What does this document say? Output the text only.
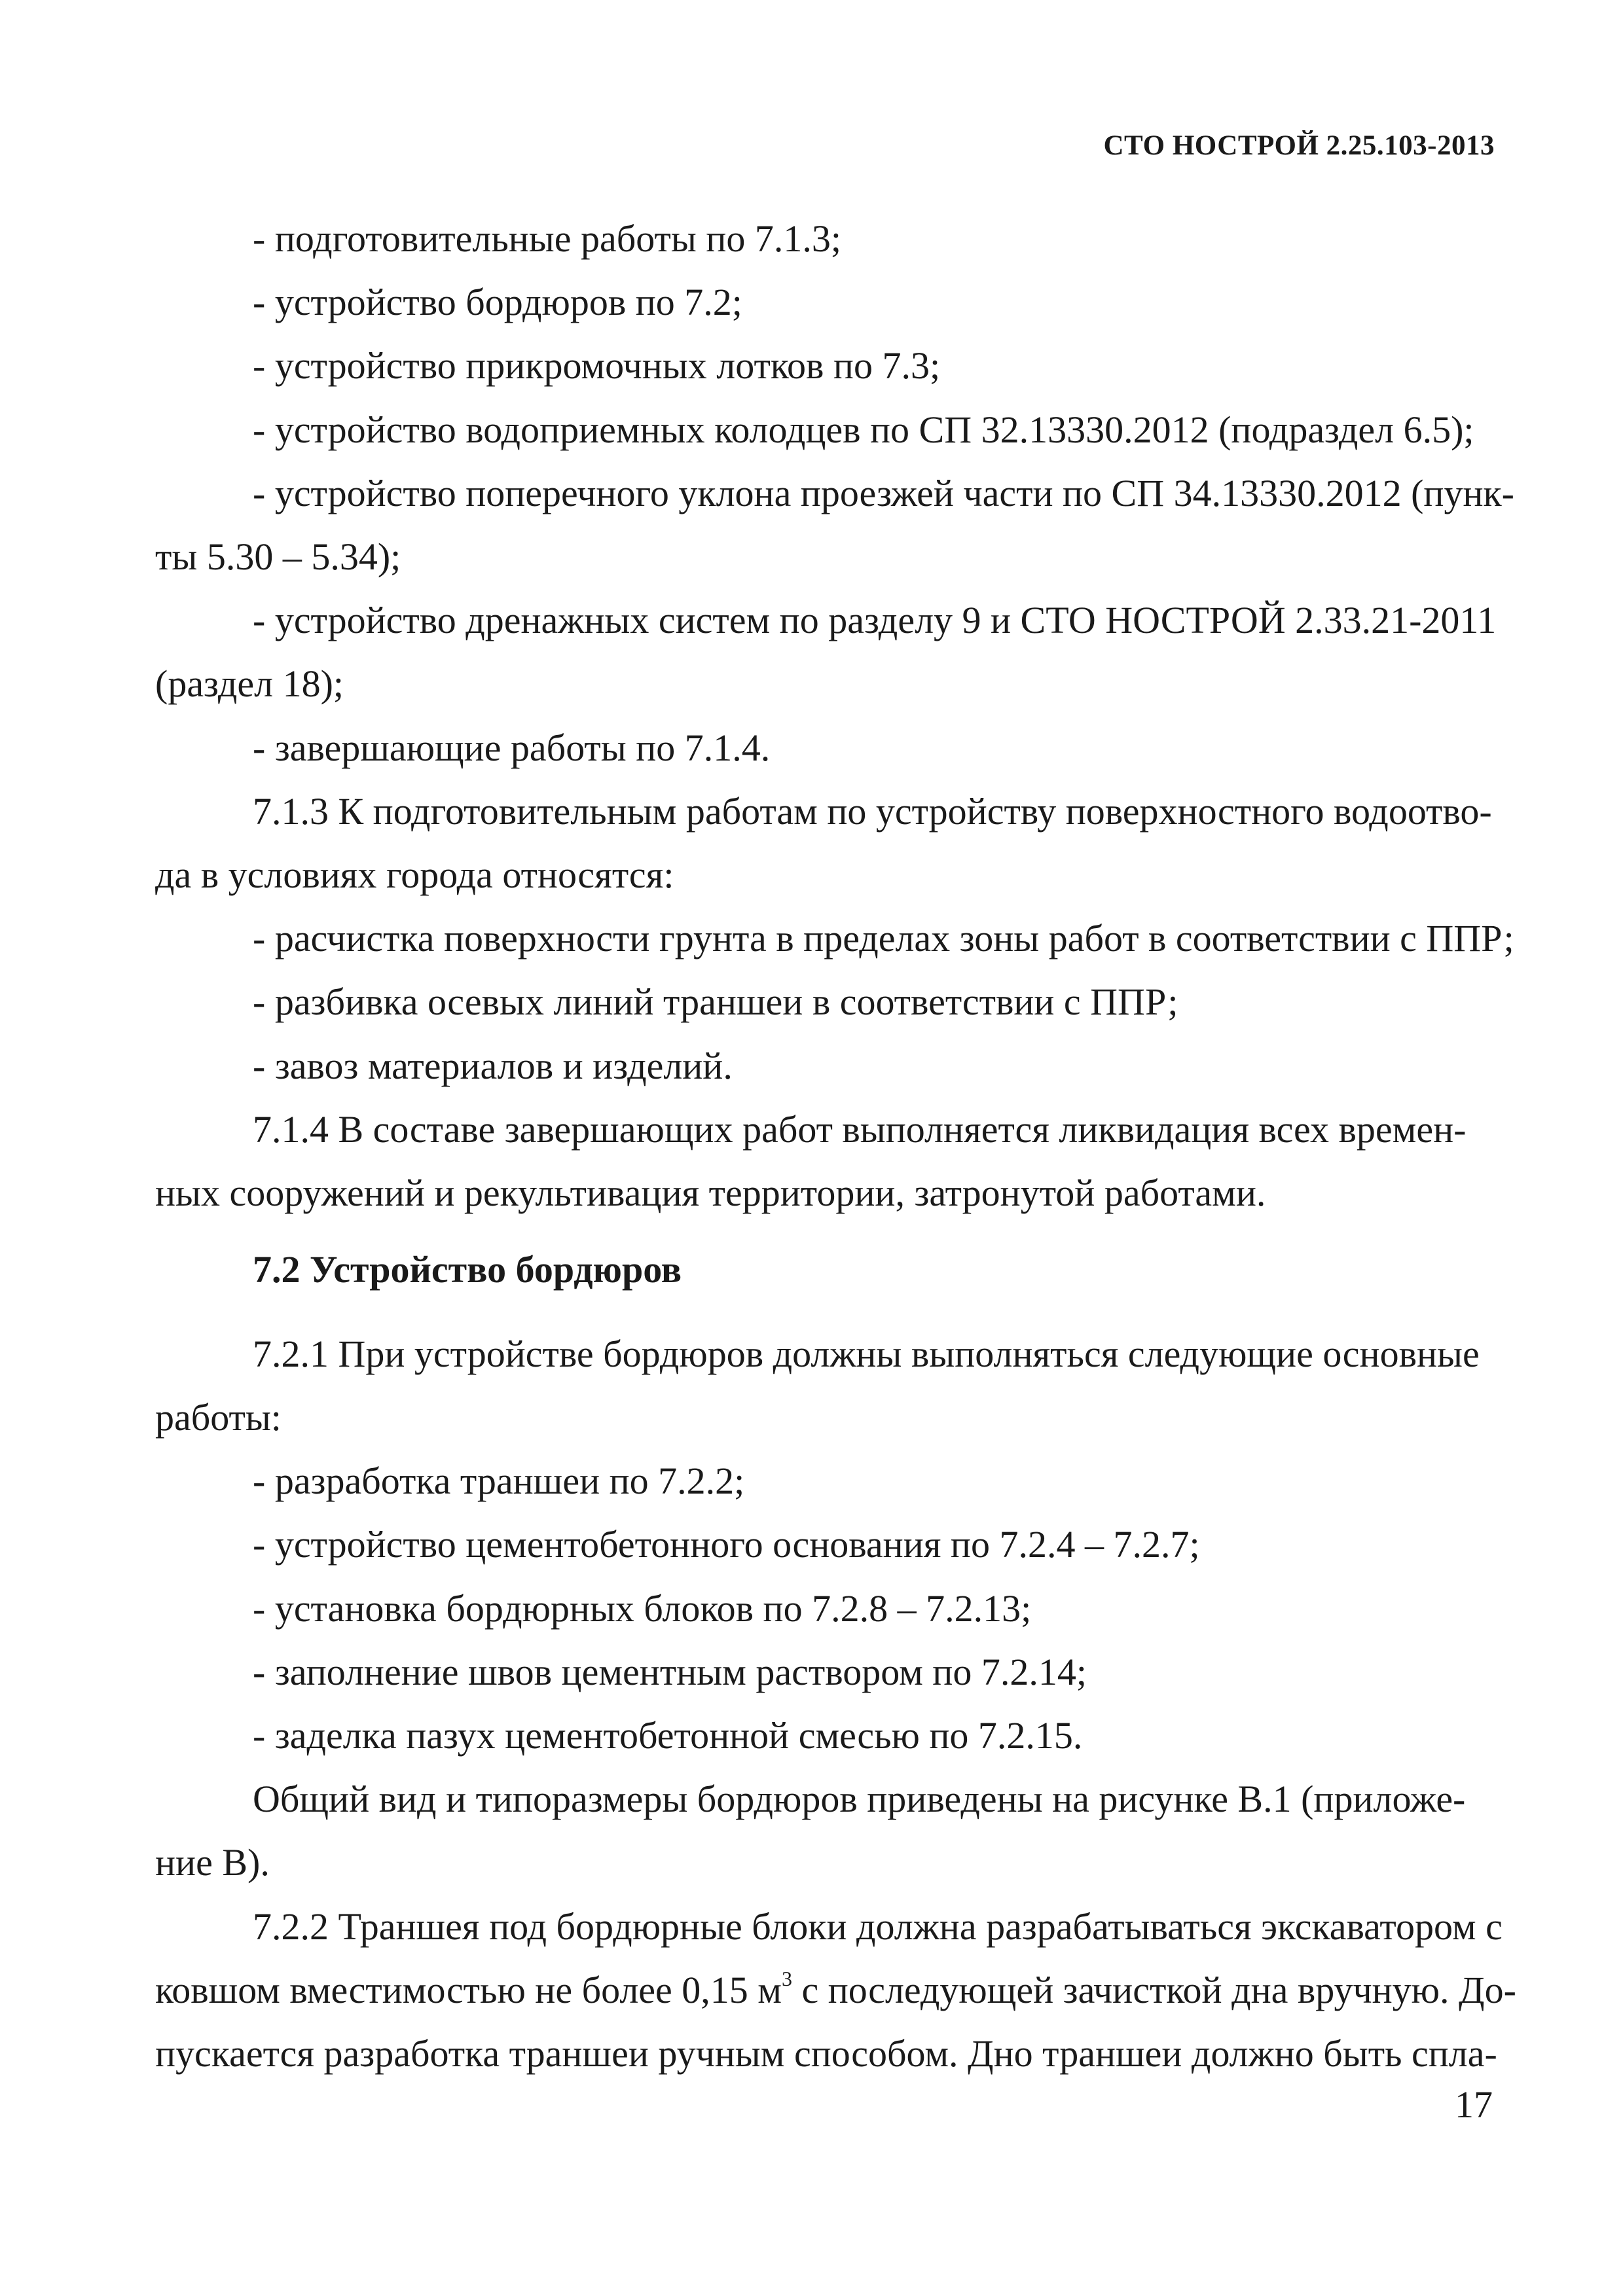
СТО НОСТРОЙ 2.25.103-2013
- подготовительные работы по 7.1.3;
- устройство бордюров по 7.2;
- устройство прикромочных лотков по 7.3;
- устройство водоприемных колодцев по СП 32.13330.2012 (подраздел 6.5);
- устройство поперечного уклона проезжей части по СП 34.13330.2012 (пунк-
ты 5.30 – 5.34);
- устройство дренажных систем по разделу 9 и СТО НОСТРОЙ 2.33.21-2011
(раздел 18);
- завершающие работы по 7.1.4.
7.1.3 К подготовительным работам по устройству поверхностного водоотво-
да в условиях города относятся:
- расчистка поверхности грунта в пределах зоны работ в соответствии с ППР;
- разбивка осевых линий траншеи в соответствии с ППР;
- завоз материалов и изделий.
7.1.4 В составе завершающих работ выполняется ликвидация всех времен-
ных сооружений и рекультивация территории, затронутой работами.
7.2 Устройство бордюров
7.2.1 При устройстве бордюров должны выполняться следующие основные
работы:
- разработка траншеи по 7.2.2;
- устройство цементобетонного основания по 7.2.4 – 7.2.7;
- установка бордюрных блоков по 7.2.8 – 7.2.13;
- заполнение швов цементным раствором по 7.2.14;
- заделка пазух цементобетонной смесью по 7.2.15.
Общий вид и типоразмеры бордюров приведены на рисунке В.1 (приложе-
ние В).
7.2.2 Траншея под бордюрные блоки должна разрабатываться экскаватором с
ковшом вместимостью не более 0,15 $м^3$ с последующей зачисткой дна вручную. До-
пускается разработка траншеи ручным способом. Дно траншеи должно быть спла-
17
